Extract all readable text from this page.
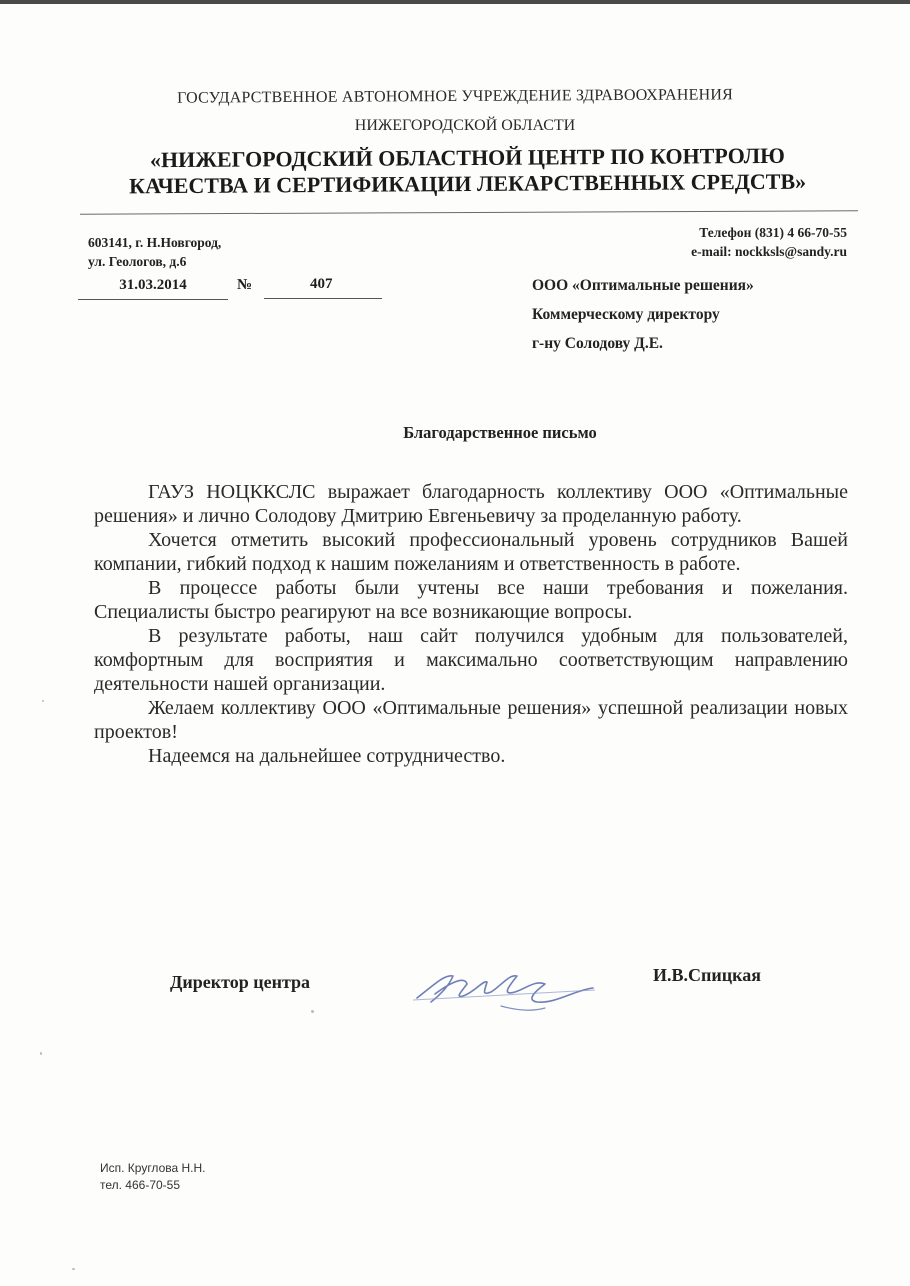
ГОСУДАРСТВЕННОЕ АВТОНОМНОЕ УЧРЕЖДЕНИЕ ЗДРАВООХРАНЕНИЯ
НИЖЕГОРОДСКОЙ ОБЛАСТИ
«НИЖЕГОРОДСКИЙ ОБЛАСТНОЙ ЦЕНТР ПО КОНТРОЛЮ
КАЧЕСТВА И СЕРТИФИКАЦИИ ЛЕКАРСТВЕННЫХ СРЕДСТВ»
603141, г. Н.Новгород,
ул. Геологов, д.6
Телефон (831) 4 66-70-55
e-mail: nockksls@sandy.ru
31.03.2014	№	407	ООО «Оптимальные решения»
Коммерческому директору
г-ну Солодову Д.Е.
Благодарственное письмо

ГАУЗ НОЦККСЛС выражает благодарность коллективу ООО «Оптимальные решения» и лично Солодову Дмитрию Евгеньевичу за проделанную работу.

Хочется отметить высокий профессиональный уровень сотрудников Вашей компании, гибкий подход к нашим пожеланиям и ответственность в работе.

В процессе работы были учтены все наши требования и пожелания. Специалисты быстро реагируют на все возникающие вопросы.

В результате работы, наш сайт получился удобным для пользователей, комфортным для восприятия и максимально соответствующим направлению деятельности нашей организации.

Желаем коллективу ООО «Оптимальные решения» успешной реализации новых проектов!

Надеемся на дальнейшее сотрудничество.

Директор центра	И.В.Спицкая
Исп. Круглова Н.Н.
тел. 466-70-55
